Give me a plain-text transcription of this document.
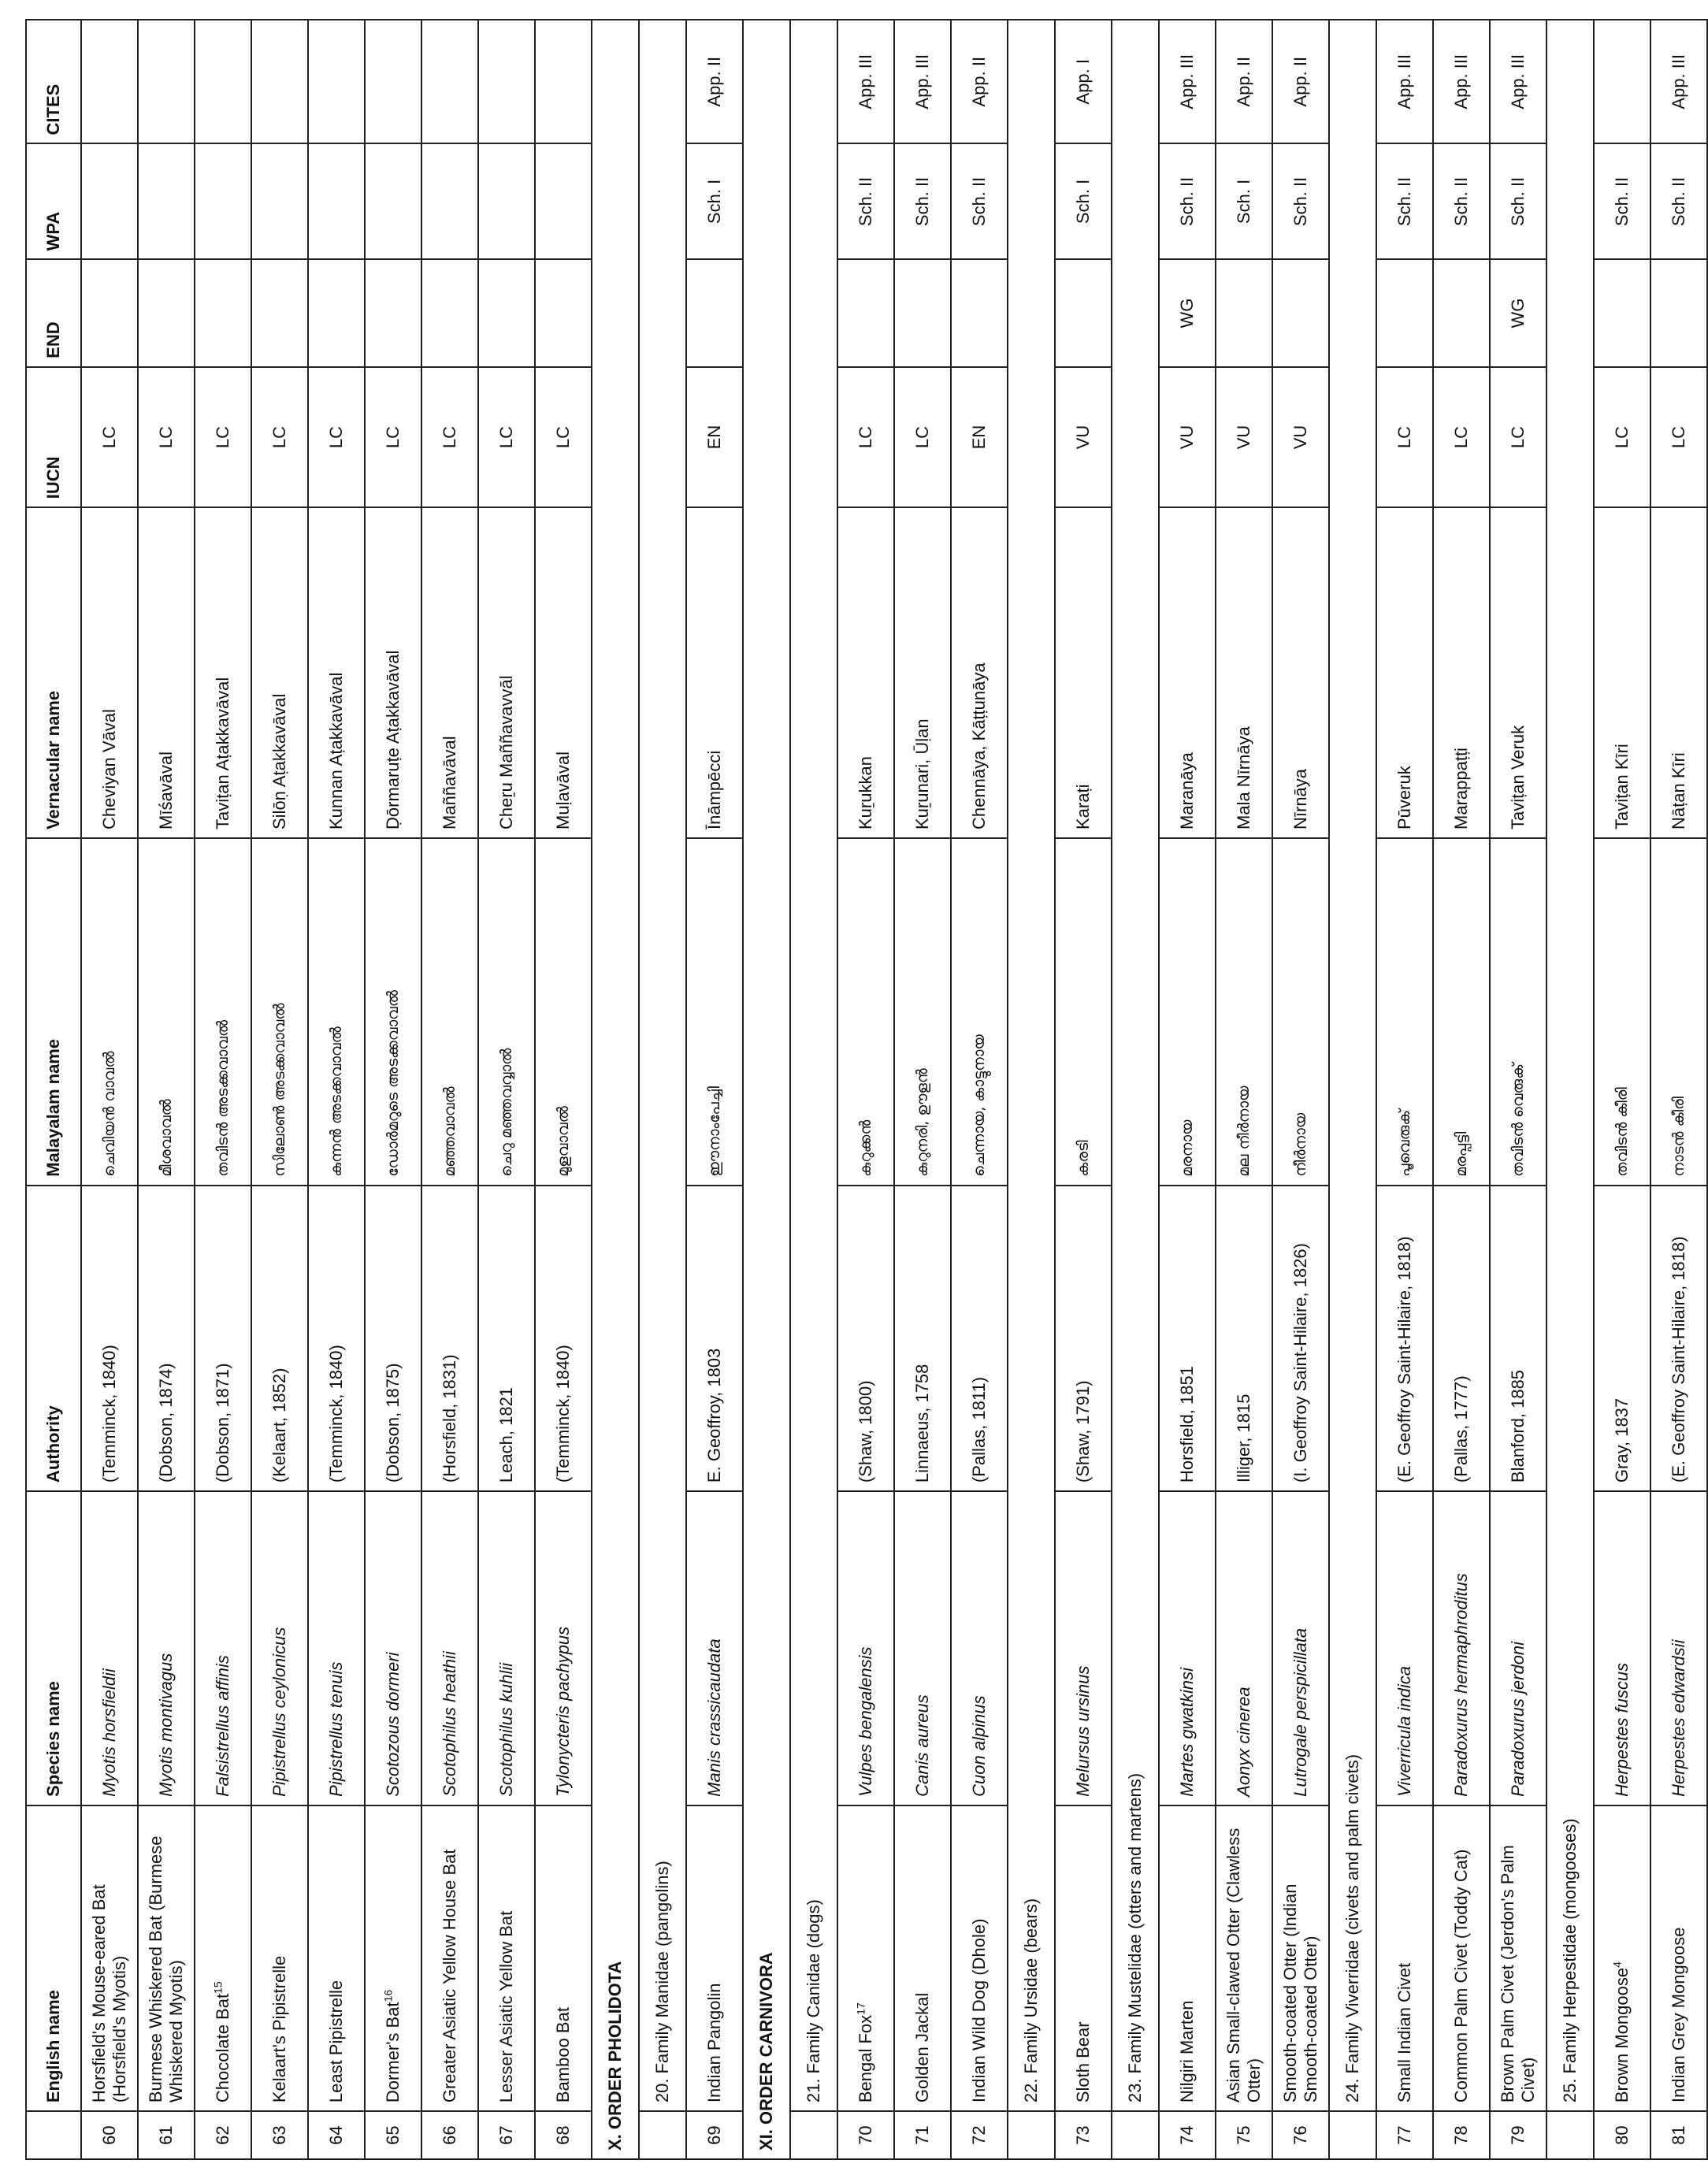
	English name	Species name	Authority	Malayalam name	Vernacular name	IUCN	END	WPA	CITES
60	Horsfield's Mouse-eared Bat (Horsfield's Myotis)	Myotis horsfieldii	(Temminck, 1840)	ചെവിയൻ വാവൽ	Cheviyan Vāval	LC			
61	Burmese Whiskered Bat (Burmese Whiskered Myotis)	Myotis montivagus	(Dobson, 1874)	മീശവാവൽ	Mīśavāval	LC			
62	Chocolate Bat$^{15}$	Falsistrellus affinis	(Dobson, 1871)	തവിടൻ അടക്കവാവൽ	Taviṭan Aṭakkavāval	LC			
63	Kelaart's Pipistrelle	Pipistrellus ceylonicus	(Kelaart, 1852)	സിലോൺ അടക്കവാവൽ	Silōṇ Aṭakkavāval	LC			
64	Least Pipistrelle	Pipistrellus tenuis	(Temminck, 1840)	കുന്നൻ അടക്കവാവൽ	Kunnan Aṭakkavāval	LC			
65	Dormer's Bat$^{16}$	Scotozous dormeri	(Dobson, 1875)	ഡോർമറുടെ അടക്കവാവൽ	Ḍōrmaruṭe Aṭakkavāval	LC			
66	Greater Asiatic Yellow House Bat	Scotophilus heathii	(Horsfield, 1831)	മഞ്ഞവാവൽ	Maññavāval	LC			
67	Lesser Asiatic Yellow Bat	Scotophilus kuhlii	Leach, 1821	ചെറു മഞ്ഞവവ്വാൽ	Cheṟu Maññavavvāl	LC			
68	Bamboo Bat	Tylonycteris pachypus	(Temminck, 1840)	മുളവാവൽ	Muḷavāval	LC			
X. ORDER PHOLIDOTA									
	20. Family Manidae (pangolins)								
69	Indian Pangolin	Manis crassicaudata	E. Geoffroy, 1803	ഈനാംപേച്ചി	Īnāmpēcci	EN		Sch. I	App. II
XI. ORDER CARNIVORA									
	21. Family Canidae (dogs)								
70	Bengal Fox$^{17}$	Vulpes bengalensis	(Shaw, 1800)	കുറുക്കൻ	Kuṟukkan	LC		Sch. II	App. III
71	Golden Jackal	Canis aureus	Linnaeus, 1758	കുറുനരി, ഊളൻ	Kuṟunari, Ūḷan	LC		Sch. II	App. III
72	Indian Wild Dog (Dhole)	Cuon alpinus	(Pallas, 1811)	ചെന്നായ, കാട്ടുനായ	Chennāya, Kāṭṭunāya	EN		Sch. II	App. II
	22. Family Ursidae (bears)								
73	Sloth Bear	Melursus ursinus	(Shaw, 1791)	കരടി	Karaṭi	VU		Sch. I	App. I
	23. Family Mustelidae (otters and martens)								
74	Nilgiri Marten	Martes gwatkinsi	Horsfield, 1851	മരനായ	Maranāya	VU	WG	Sch. II	App. III
75	Asian Small-clawed Otter (Clawless Otter)	Aonyx cinerea	Illiger, 1815	മല നീർനായ	Mala Nīrnāya	VU		Sch. I	App. II
76	Smooth-coated Otter (Indian Smooth-coated Otter)	Lutrogale perspicillata	(I. Geoffroy Saint-Hilaire, 1826)	നീർനായ	Nīrnāya	VU		Sch. II	App. II
	24. Family Viverridae (civets and palm civets)								
77	Small Indian Civet	Viverricula indica	(E. Geoffroy Saint-Hilaire, 1818)	പൂവെരുക്	Pūveruk	LC		Sch. II	App. III
78	Common Palm Civet (Toddy Cat)	Paradoxurus hermaphroditus	(Pallas, 1777)	മരപ്പട്ടി	Marappaṭṭi	LC		Sch. II	App. III
79	Brown Palm Civet (Jerdon's Palm Civet)	Paradoxurus jerdoni	Blanford, 1885	തവിടൻ വെരുക്	Taviṭan Veruk	LC	WG	Sch. II	App. III
	25. Family Herpestidae (mongooses)								
80	Brown Mongoose$^4$	Herpestes fuscus	Gray, 1837	തവിടൻ കീരി	Taviṭan Kīri	LC		Sch. II	
81	Indian Grey Mongoose	Herpestes edwardsii	(E. Geoffroy Saint-Hilaire, 1818)	നാടൻ കീരി	Nāṭan Kīri	LC		Sch. II	App. III
